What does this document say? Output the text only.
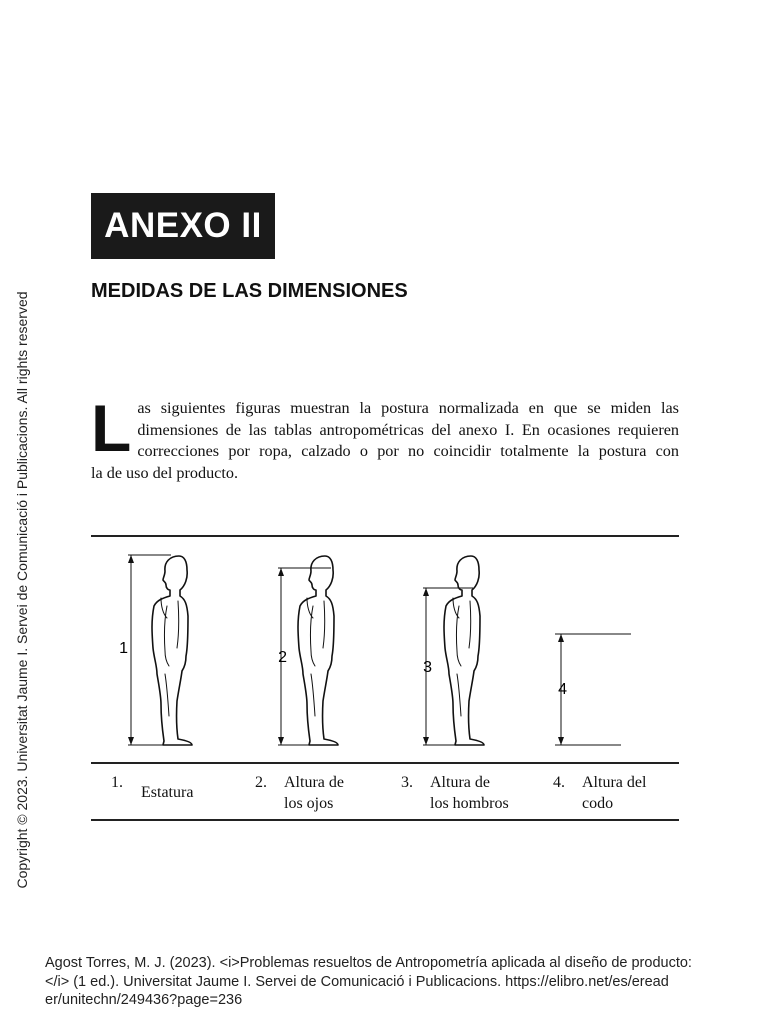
Copyright © 2023. Universitat Jaume I. Servei de Comunicació i Publicacions. All rights reserved
ANEXO II
MEDIDAS DE LAS DIMENSIONES
L as siguientes figuras muestran la postura normalizada en que se miden las
dimensiones de las tablas antropométricas del anexo I. En ocasiones requieren
correcciones por ropa, calzado o por no coincidir totalmente la postura con
la de uso del producto.
1
2
3
4
1.
Estatura
2. Altura de
los ojos
3. Altura de
los hombros
4. Altura del
codo
Agost Torres, M. J. (2023). <i>Problemas resueltos de Antropometría aplicada al diseño de producto:
</i> (1 ed.). Universitat Jaume I. Servei de Comunicació i Publicacions. https://elibro.net/es/eread
er/unitechn/249436?page=236
